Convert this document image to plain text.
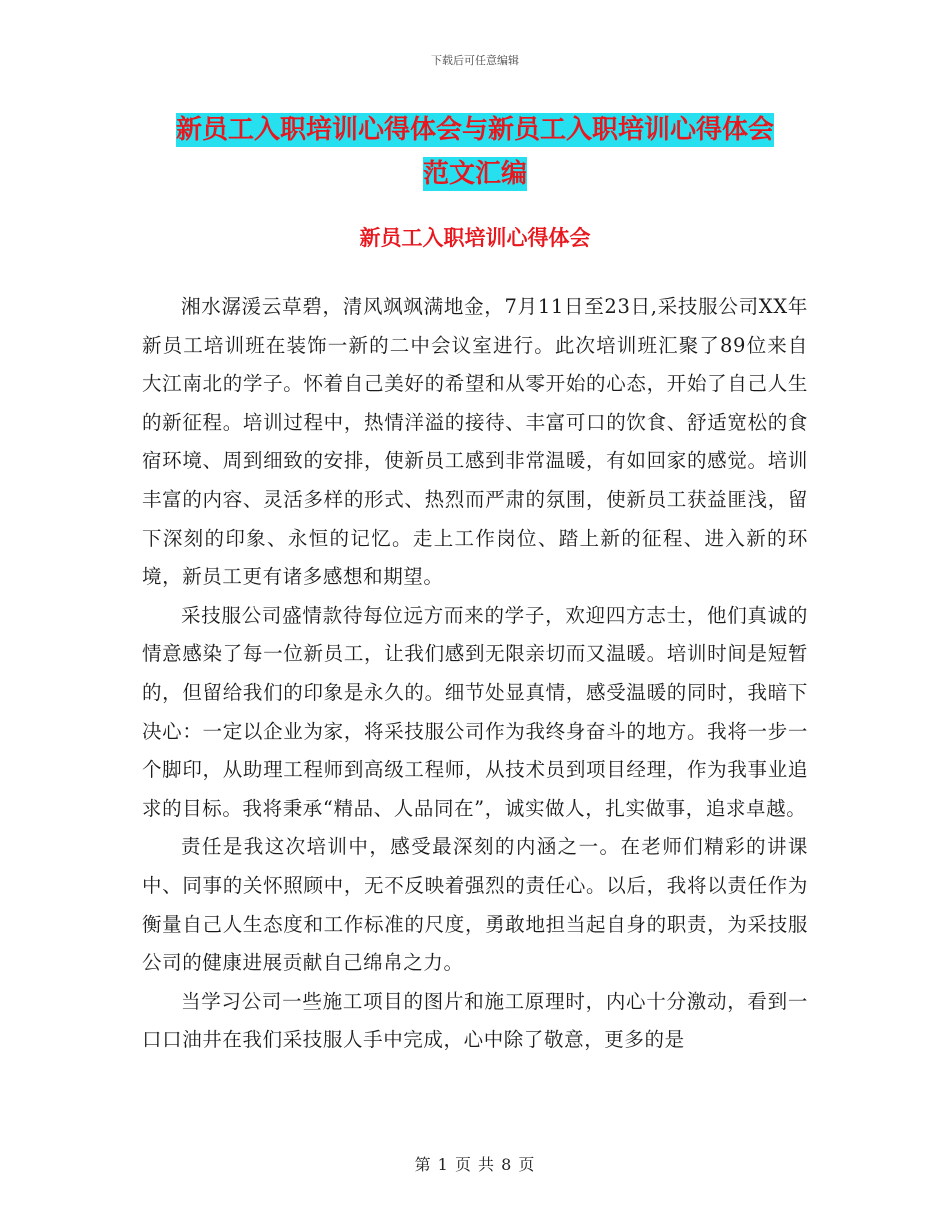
下载后可任意编辑
新员工入职培训心得体会与新员工入职培训心得体会
范文汇编
新员工入职培训心得体会

湘水潺湲云草碧，清风飒飒满地金，7月11日至23日,采技服公司XX年新员工培训班在装饰一新的二中会议室进行。此次培训班汇聚了89位来自大江南北的学子。怀着自己美好的希望和从零开始的心态，开始了自己人生的新征程。培训过程中，热情洋溢的接待、丰富可口的饮食、舒适宽松的食宿环境、周到细致的安排，使新员工感到非常温暖，有如回家的感觉。培训丰富的内容、灵活多样的形式、热烈而严肃的氛围，使新员工获益匪浅，留下深刻的印象、永恒的记忆。走上工作岗位、踏上新的征程、进入新的环境，新员工更有诸多感想和期望。

采技服公司盛情款待每位远方而来的学子，欢迎四方志士，他们真诚的情意感染了每一位新员工，让我们感到无限亲切而又温暖。培训时间是短暂的，但留给我们的印象是永久的。细节处显真情，感受温暖的同时，我暗下决心：一定以企业为家，将采技服公司作为我终身奋斗的地方。我将一步一个脚印，从助理工程师到高级工程师，从技术员到项目经理，作为我事业追求的目标。我将秉承“精品、人品同在”，诚实做人，扎实做事，追求卓越。

责任是我这次培训中，感受最深刻的内涵之一。在老师们精彩的讲课中、同事的关怀照顾中，无不反映着强烈的责任心。以后，我将以责任作为衡量自己人生态度和工作标准的尺度，勇敢地担当起自身的职责，为采技服公司的健康进展贡献自己绵帛之力。

当学习公司一些施工项目的图片和施工原理时，内心十分激动，看到一口口油井在我们采技服人手中完成，心中除了敬意，更多的是

第 1 页 共 8 页
